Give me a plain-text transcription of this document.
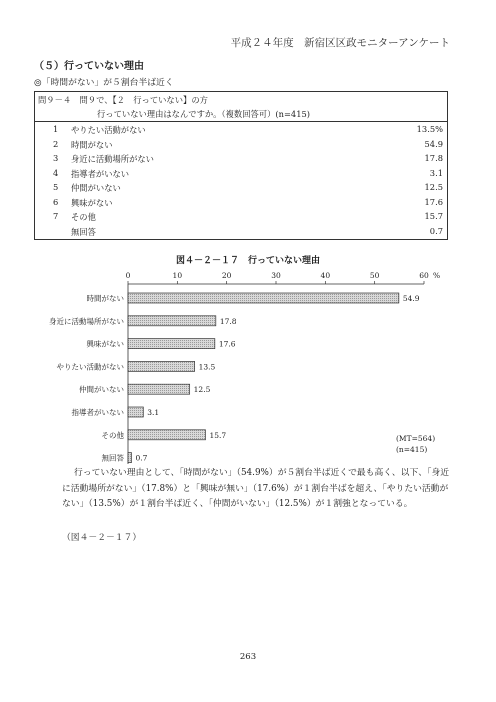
平成２４年度　新宿区区政モニターアンケート
（５）行っていない理由
◎「時間がない」が５割台半ば近く
問９－４　問９で、【２　行っていない】の方
行っていない理由はなんですか。（複数回答可）(n=415)
1 やりたい活動がない	13.5%
2 時間がない	54.9
3 身近に活動場所がない	17.8
4 指導者がいない	3.1
5 仲間がいない	12.5
6 興味がない	17.6
7 その他	15.7
無回答	0.7
図４－２－１７　行っていない理由
0	10	20	30	40	50	60 %
時間がない	54.9
身近に活動場所がない	17.8
興味がない	17.6
やりたい活動がない	13.5
仲間がいない	12.5
指導者がいない	3.1
その他	15.7
無回答 0.7
(MT=564)
(n=415)
行っていない理由として、「時間がない」（54.9%）が５割台半ば近くで最も高く、以下、「身近に活動場所がない」（17.8%）と「興味が無い」（17.6%）が１割台半ばを超え、「やりたい活動がない」（13.5%）が１割台半ば近く、「仲間がいない」（12.5%）が１割強となっている。
（図４－２－１７）
263
